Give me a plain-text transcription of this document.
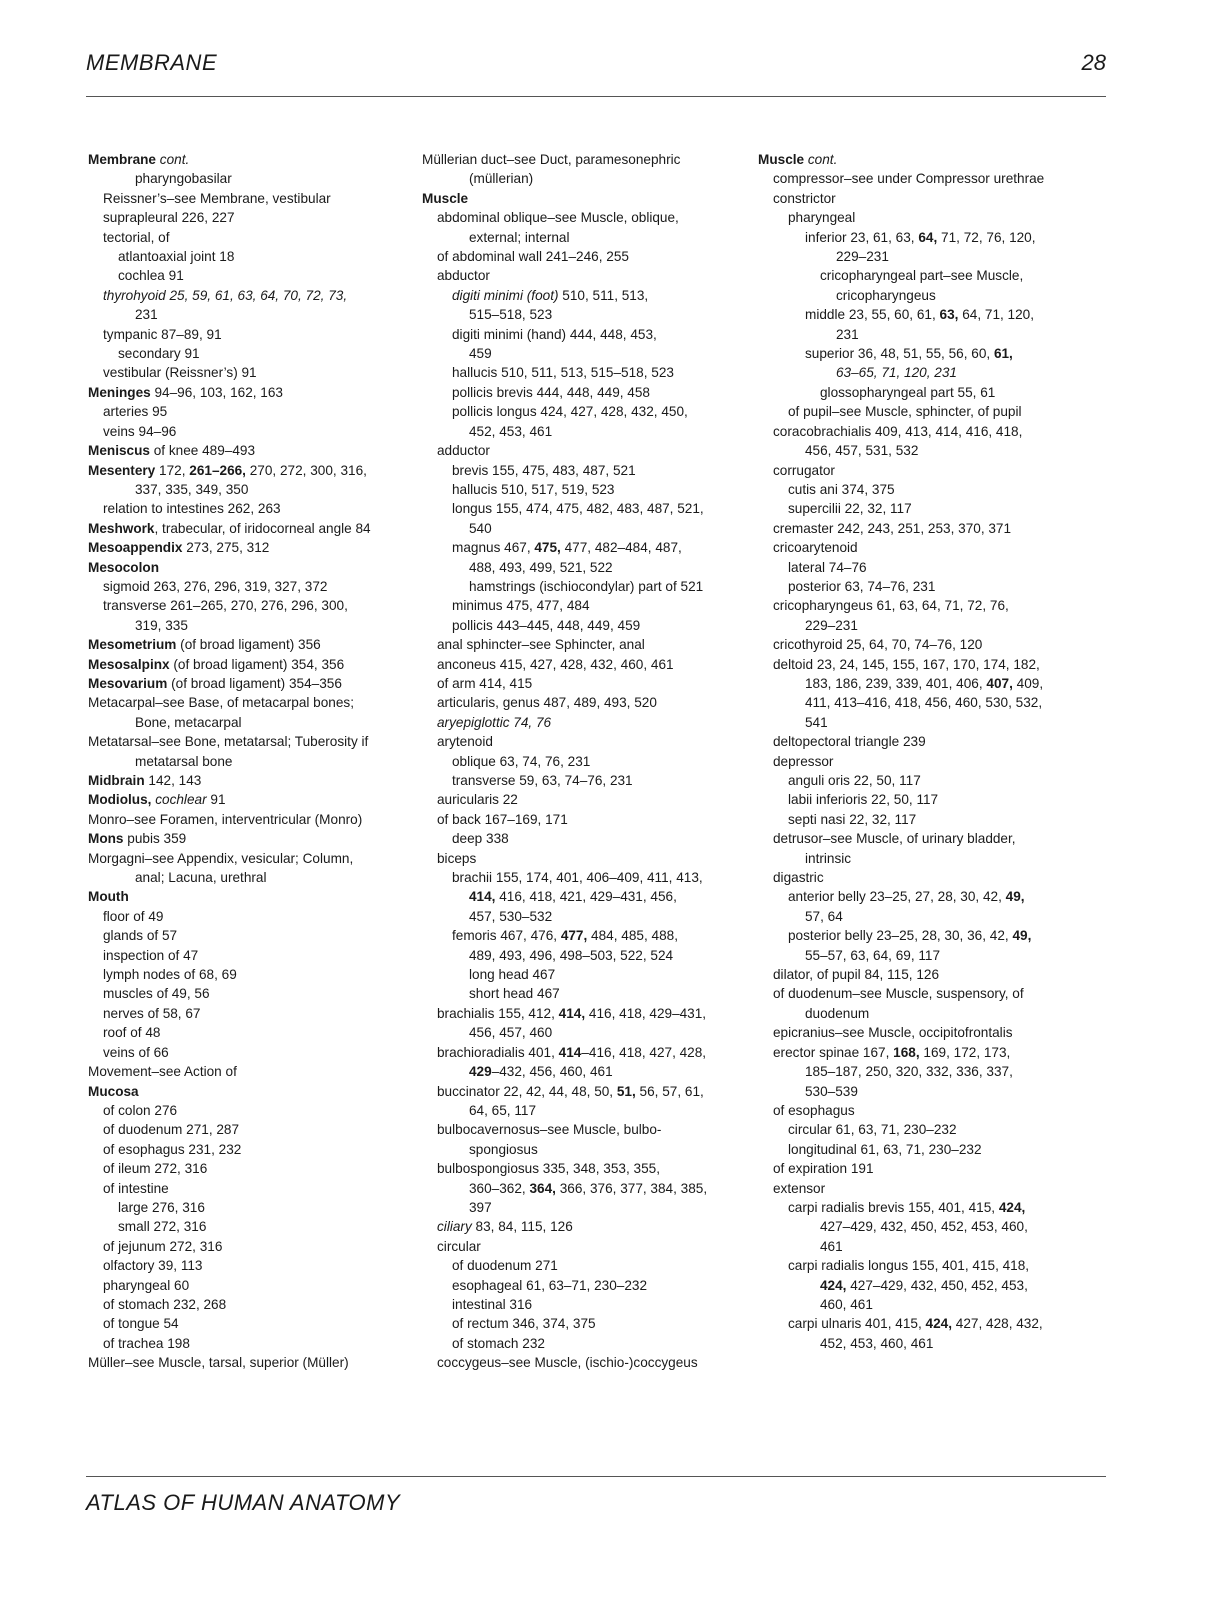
MEMBRANE	28
Membrane cont.
pharyngobasilar
Reissner’s–see Membrane, vestibular
suprapleural 226, 227
tectorial, of
atlantoaxial joint 18
cochlea 91
thyrohyoid 25, 59, 61, 63, 64, 70, 72, 73,
231
tympanic 87–89, 91
secondary 91
vestibular (Reissner’s) 91
Meninges 94–96, 103, 162, 163
arteries 95
veins 94–96
Meniscus of knee 489–493
Mesentery 172, 261–266, 270, 272, 300, 316,
337, 335, 349, 350
relation to intestines 262, 263
Meshwork, trabecular, of iridocorneal angle 84
Mesoappendix 273, 275, 312
Mesocolon
sigmoid 263, 276, 296, 319, 327, 372
transverse 261–265, 270, 276, 296, 300,
319, 335
Mesometrium (of broad ligament) 356
Mesosalpinx (of broad ligament) 354, 356
Mesovarium (of broad ligament) 354–356
Metacarpal–see Base, of metacarpal bones;
Bone, metacarpal
Metatarsal–see Bone, metatarsal; Tuberosity if
metatarsal bone
Midbrain 142, 143
Modiolus, cochlear 91
Monro–see Foramen, interventricular (Monro)
Mons pubis 359
Morgagni–see Appendix, vesicular; Column,
anal; Lacuna, urethral
Mouth
floor of 49
glands of 57
inspection of 47
lymph nodes of 68, 69
muscles of 49, 56
nerves of 58, 67
roof of 48
veins of 66
Movement–see Action of
Mucosa
of colon 276
of duodenum 271, 287
of esophagus 231, 232
of ileum 272, 316
of intestine
large 276, 316
small 272, 316
of jejunum 272, 316
olfactory 39, 113
pharyngeal 60
of stomach 232, 268
of tongue 54
of trachea 198
Müller–see Muscle, tarsal, superior (Müller)
Müllerian duct–see Duct, paramesonephric
(müllerian)
Muscle
abdominal oblique–see Muscle, oblique,
external; internal
of abdominal wall 241–246, 255
abductor
digiti minimi (foot) 510, 511, 513,
515–518, 523
digiti minimi (hand) 444, 448, 453,
459
hallucis 510, 511, 513, 515–518, 523
pollicis brevis 444, 448, 449, 458
pollicis longus 424, 427, 428, 432, 450,
452, 453, 461
adductor
brevis 155, 475, 483, 487, 521
hallucis 510, 517, 519, 523
longus 155, 474, 475, 482, 483, 487, 521,
540
magnus 467, 475, 477, 482–484, 487,
488, 493, 499, 521, 522
hamstrings (ischiocondylar) part of 521
minimus 475, 477, 484
pollicis 443–445, 448, 449, 459
anal sphincter–see Sphincter, anal
anconeus 415, 427, 428, 432, 460, 461
of arm 414, 415
articularis, genus 487, 489, 493, 520
aryepiglottic 74, 76
arytenoid
oblique 63, 74, 76, 231
transverse 59, 63, 74–76, 231
auricularis 22
of back 167–169, 171
deep 338
biceps
brachii 155, 174, 401, 406–409, 411, 413,
414, 416, 418, 421, 429–431, 456,
457, 530–532
femoris 467, 476, 477, 484, 485, 488,
489, 493, 496, 498–503, 522, 524
long head 467
short head 467
brachialis 155, 412, 414, 416, 418, 429–431,
456, 457, 460
brachioradialis 401, 414–416, 418, 427, 428,
429–432, 456, 460, 461
buccinator 22, 42, 44, 48, 50, 51, 56, 57, 61,
64, 65, 117
bulbocavernosus–see Muscle, bulbo-
spongiosus
bulbospongiosus 335, 348, 353, 355,
360–362, 364, 366, 376, 377, 384, 385,
397
ciliary 83, 84, 115, 126
circular
of duodenum 271
esophageal 61, 63–71, 230–232
intestinal 316
of rectum 346, 374, 375
of stomach 232
coccygeus–see Muscle, (ischio-)coccygeus
Muscle cont.
compressor–see under Compressor urethrae
constrictor
pharyngeal
inferior 23, 61, 63, 64, 71, 72, 76, 120,
229–231
cricopharyngeal part–see Muscle,
cricopharyngeus
middle 23, 55, 60, 61, 63, 64, 71, 120,
231
superior 36, 48, 51, 55, 56, 60, 61,
63–65, 71, 120, 231
glossopharyngeal part 55, 61
of pupil–see Muscle, sphincter, of pupil
coracobrachialis 409, 413, 414, 416, 418,
456, 457, 531, 532
corrugator
cutis ani 374, 375
supercilii 22, 32, 117
cremaster 242, 243, 251, 253, 370, 371
cricoarytenoid
lateral 74–76
posterior 63, 74–76, 231
cricopharyngeus 61, 63, 64, 71, 72, 76,
229–231
cricothyroid 25, 64, 70, 74–76, 120
deltoid 23, 24, 145, 155, 167, 170, 174, 182,
183, 186, 239, 339, 401, 406, 407, 409,
411, 413–416, 418, 456, 460, 530, 532,
541
deltopectoral triangle 239
depressor
anguli oris 22, 50, 117
labii inferioris 22, 50, 117
septi nasi 22, 32, 117
detrusor–see Muscle, of urinary bladder,
intrinsic
digastric
anterior belly 23–25, 27, 28, 30, 42, 49,
57, 64
posterior belly 23–25, 28, 30, 36, 42, 49,
55–57, 63, 64, 69, 117
dilator, of pupil 84, 115, 126
of duodenum–see Muscle, suspensory, of
duodenum
epicranius–see Muscle, occipitofrontalis
erector spinae 167, 168, 169, 172, 173,
185–187, 250, 320, 332, 336, 337,
530–539
of esophagus
circular 61, 63, 71, 230–232
longitudinal 61, 63, 71, 230–232
of expiration 191
extensor
carpi radialis brevis 155, 401, 415, 424,
427–429, 432, 450, 452, 453, 460,
461
carpi radialis longus 155, 401, 415, 418,
424, 427–429, 432, 450, 452, 453,
460, 461
carpi ulnaris 401, 415, 424, 427, 428, 432,
452, 453, 460, 461
ATLAS OF HUMAN ANATOMY
